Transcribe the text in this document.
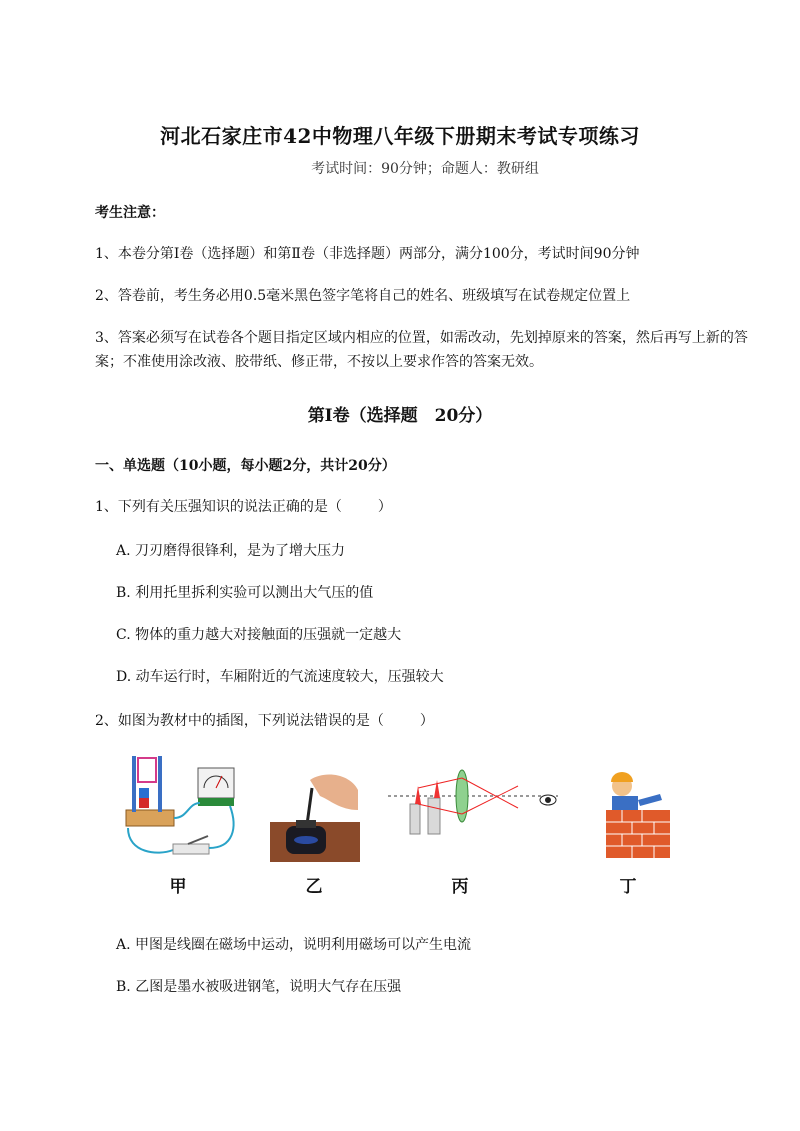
河北石家庄市42中物理八年级下册期末考试专项练习
考试时间：90分钟；命题人：教研组
考生注意：
1、本卷分第I卷（选择题）和第Ⅱ卷（非选择题）两部分，满分100分，考试时间90分钟
2、答卷前，考生务必用0.5毫米黑色签字笔将自己的姓名、班级填写在试卷规定位置上
3、答案必须写在试卷各个题目指定区域内相应的位置，如需改动，先划掉原来的答案，然后再写上新的答案；不准使用涂改液、胶带纸、修正带，不按以上要求作答的答案无效。
第I卷（选择题　20分）
一、单选题（10小题，每小题2分，共计20分）
1、下列有关压强知识的说法正确的是（	）
A. 刀刃磨得很锋利，是为了增大压力
B. 利用托里拆利实验可以测出大气压的值
C. 物体的重力越大对接触面的压强就一定越大
D. 动车运行时，车厢附近的气流速度较大，压强较大
2、如图为教材中的插图，下列说法错误的是（	）
甲	乙	丙	丁
A. 甲图是线圈在磁场中运动，说明利用磁场可以产生电流
B. 乙图是墨水被吸进钢笔，说明大气存在压强
